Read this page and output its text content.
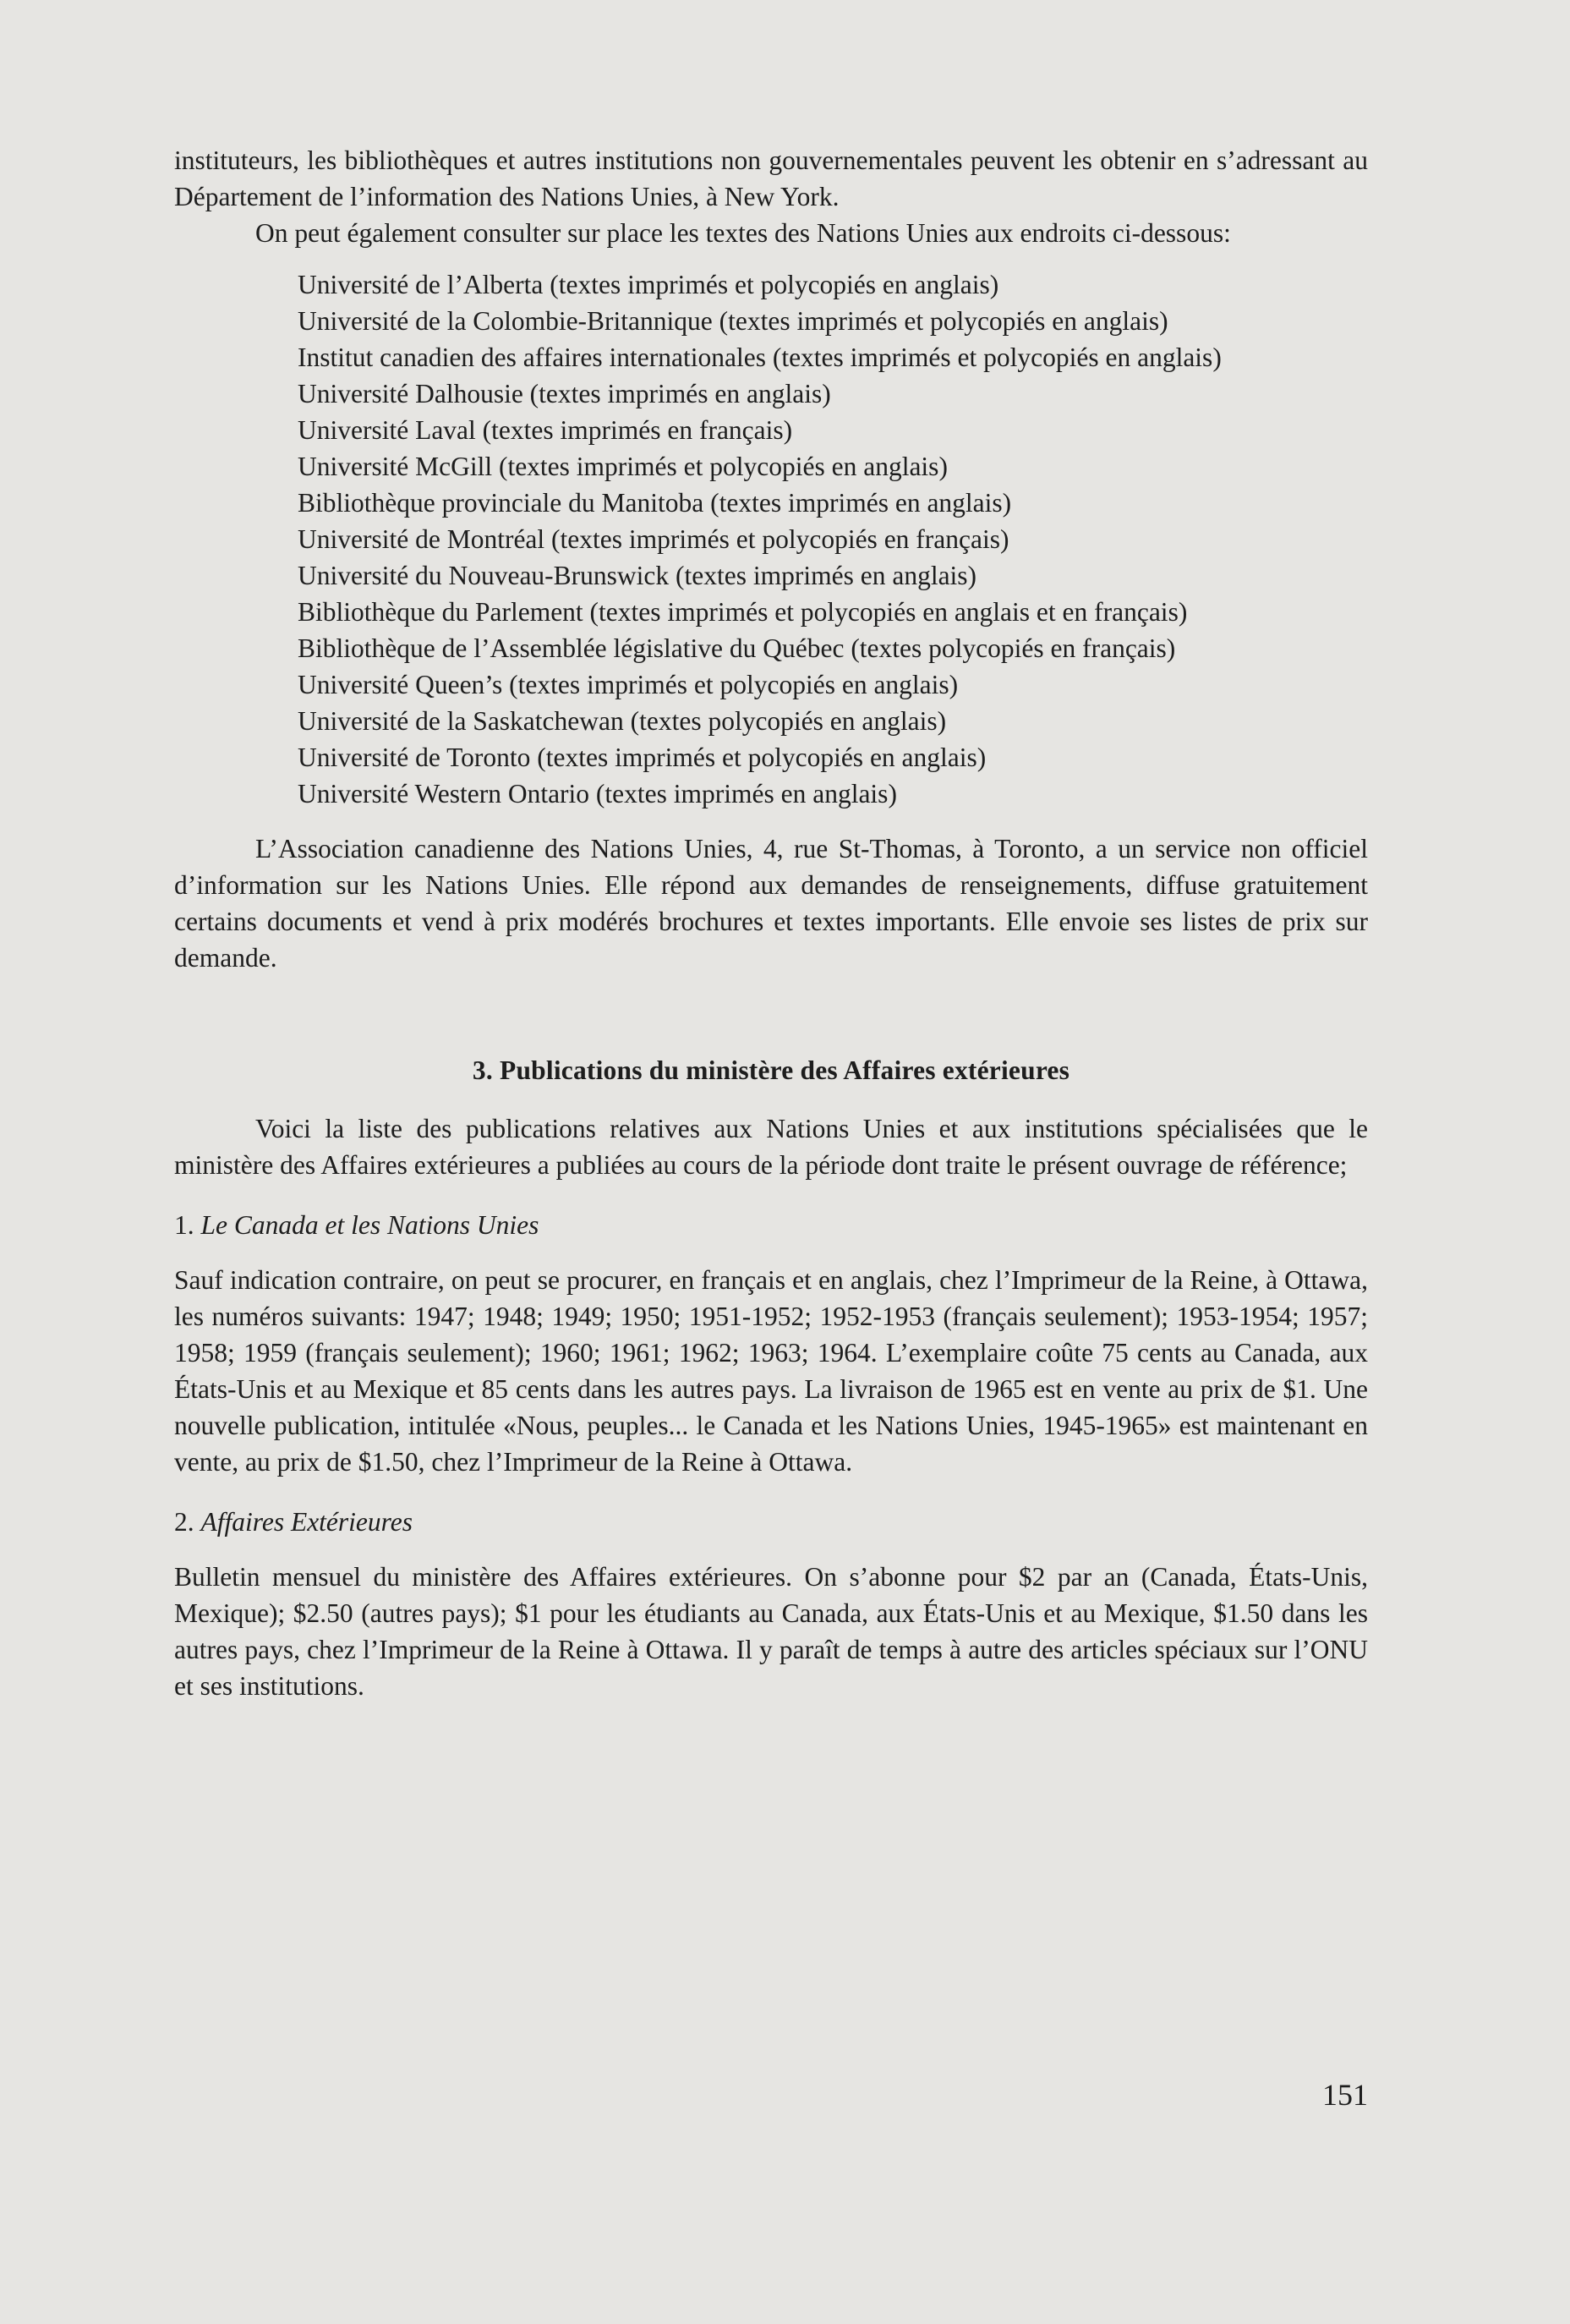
instituteurs, les bibliothèques et autres institutions non gouvernementales peuvent les obtenir en s’adressant au Département de l’information des Nations Unies, à New York.

On peut également consulter sur place les textes des Nations Unies aux endroits ci-dessous:

Université de l’Alberta (textes imprimés et polycopiés en anglais)
Université de la Colombie-Britannique (textes imprimés et polycopiés en anglais)
Institut canadien des affaires internationales (textes imprimés et polycopiés en anglais)
Université Dalhousie (textes imprimés en anglais)
Université Laval (textes imprimés en français)
Université McGill (textes imprimés et polycopiés en anglais)
Bibliothèque provinciale du Manitoba (textes imprimés en anglais)
Université de Montréal (textes imprimés et polycopiés en français)
Université du Nouveau-Brunswick (textes imprimés en anglais)
Bibliothèque du Parlement (textes imprimés et polycopiés en anglais et en français)
Bibliothèque de l’Assemblée législative du Québec (textes polycopiés en français)
Université Queen’s (textes imprimés et polycopiés en anglais)
Université de la Saskatchewan (textes polycopiés en anglais)
Université de Toronto (textes imprimés et polycopiés en anglais)
Université Western Ontario (textes imprimés en anglais)

L’Association canadienne des Nations Unies, 4, rue St-Thomas, à Toronto, a un service non officiel d’information sur les Nations Unies. Elle répond aux demandes de renseignements, diffuse gratuitement certains documents et vend à prix modérés brochures et textes importants. Elle envoie ses listes de prix sur demande.

3. Publications du ministère des Affaires extérieures

Voici la liste des publications relatives aux Nations Unies et aux institutions spécialisées que le ministère des Affaires extérieures a publiées au cours de la période dont traite le présent ouvrage de référence;

1. Le Canada et les Nations Unies

Sauf indication contraire, on peut se procurer, en français et en anglais, chez l’Imprimeur de la Reine, à Ottawa, les numéros suivants: 1947; 1948; 1949; 1950; 1951-1952; 1952-1953 (français seulement); 1953-1954; 1957; 1958; 1959 (français seulement); 1960; 1961; 1962; 1963; 1964. L’exemplaire coûte 75 cents au Canada, aux États-Unis et au Mexique et 85 cents dans les autres pays. La livraison de 1965 est en vente au prix de $1. Une nouvelle publication, intitulée «Nous, peuples... le Canada et les Nations Unies, 1945-1965» est maintenant en vente, au prix de $1.50, chez l’Imprimeur de la Reine à Ottawa.

2. Affaires Extérieures

Bulletin mensuel du ministère des Affaires extérieures. On s’abonne pour $2 par an (Canada, États-Unis, Mexique); $2.50 (autres pays); $1 pour les étudiants au Canada, aux États-Unis et au Mexique, $1.50 dans les autres pays, chez l’Imprimeur de la Reine à Ottawa. Il y paraît de temps à autre des articles spéciaux sur l’ONU et ses institutions.

151
